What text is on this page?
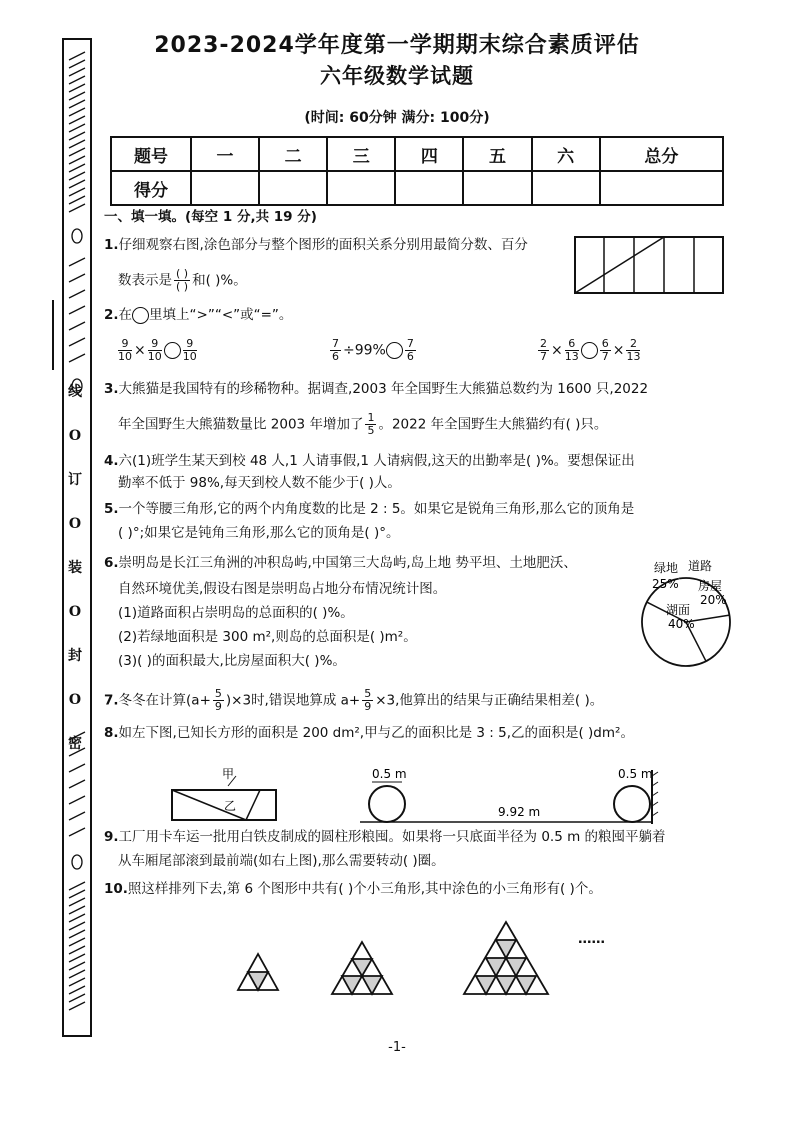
线
O
订
O
装
O
封
O
密
2023-2024学年度第一学期期末综合素质评估
六年级数学试题
(时间: 60分钟 满分: 100分)
题号	一	二	三	四	五	六	总分
得分							
一、填一填。(每空 1 分,共 19 分)
1.仔细观察右图,涂色部分与整个图形的面积关系分别用最简分数、百分
数表示是 $\frac{( )}{( )}$ 和( )%。
2.在 里填上“>”“<”或“=”。
$\frac{9}{10} \times \frac{9}{10} \frac{9}{10}$	$\frac{7}{6} \div 99\% \frac{7}{6}$	$\frac{2}{7} \times \frac{6}{13} \frac{6}{7} \times \frac{2}{13}$
3.大熊猫是我国特有的珍稀物种。据调查,2003 年全国野生大熊猫总数约为 1600 只,2022
年全国野生大熊猫数量比 2003 年增加了 $\frac{1}{5}$ 。2022 年全国野生大熊猫约有( )只。
4.六(1)班学生某天到校 48 人,1 人请事假,1 人请病假,这天的出勤率是( )%。要想保证出
勤率不低于 98%,每天到校人数不能少于( )人。
5.一个等腰三角形,它的两个内角度数的比是 2 : 5。如果它是锐角三角形,那么它的顶角是
( )°;如果它是钝角三角形,那么它的顶角是( )°。
6.崇明岛是长江三角洲的冲积岛屿,中国第三大岛屿,岛上地 势平坦、土地肥沃、
自然环境优美,假设右图是崇明岛占地分布情况统计图。
(1)道路面积占崇明岛的总面积的( )%。
(2)若绿地面积是 300 m²,则岛的总面积是( )m²。
(3)( )的面积最大,比房屋面积大( )%。
绿地
25%
道路
房屋
20%
湖面
40%
7.冬冬在计算$(a+ \frac{5}{9} )\times 3$时,错误地算成 $a+ \frac{5}{9} \times 3$,他算出的结果与正确结果相差( )。
8.如左下图,已知长方形的面积是 200 dm²,甲与乙的面积比是 3 : 5,乙的面积是( )dm²。
甲
乙
0.5 m	0.5 m
9.92 m
9.工厂用卡车运一批用白铁皮制成的圆柱形粮囤。如果将一只底面半径为 0.5 m 的粮囤平躺着
从车厢尾部滚到最前端(如右上图),那么需要转动( )圈。
10.照这样排列下去,第 6 个图形中共有( )个小三角形,其中涂色的小三角形有( )个。
……
-1-
